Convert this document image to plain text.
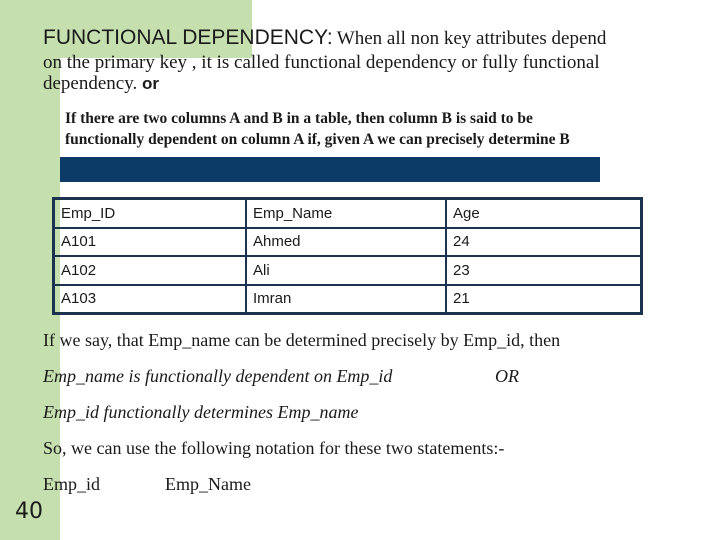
FUNCTIONAL DEPENDENCY: When all non key attributes depend
on the primary key , it is called functional dependency or fully functional
dependency. or
If there are two columns A and B in a table, then column B is said to be
functionally dependent on column A if, given A we can precisely determine B
Emp_ID	Emp_Name	Age
A101	Ahmed	24
A102	Ali	23
A103	Imran	21
If we say, that Emp_name can be determined precisely by Emp_id, then
Emp_name is functionally dependent on Emp_id	OR
Emp_id functionally determines Emp_name
So, we can use the following notation for these two statements:-
Emp_id	Emp_Name
40
